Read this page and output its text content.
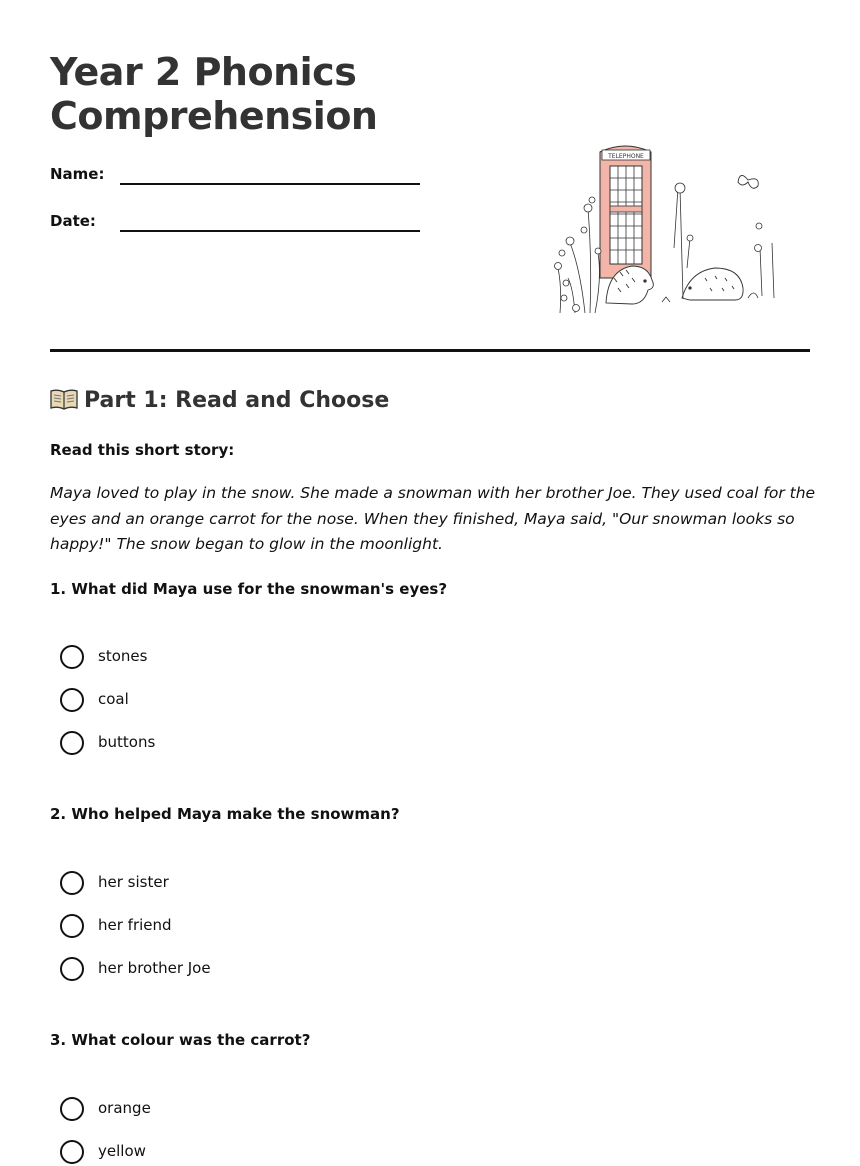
Year 2 Phonics
Comprehension
Name:
Date:
TELEPHONE
Part 1: Read and Choose

Read this short story:

Maya loved to play in the snow. She made a snowman with her brother Joe. They used coal for the eyes and an orange carrot for the nose. When they finished, Maya said, "Our snowman looks so happy!" The snow began to glow in the moonlight.

1. What did Maya use for the snowman's eyes?

stones
coal
buttons

2. Who helped Maya make the snowman?

her sister
her friend
her brother Joe

3. What colour was the carrot?

orange
yellow
